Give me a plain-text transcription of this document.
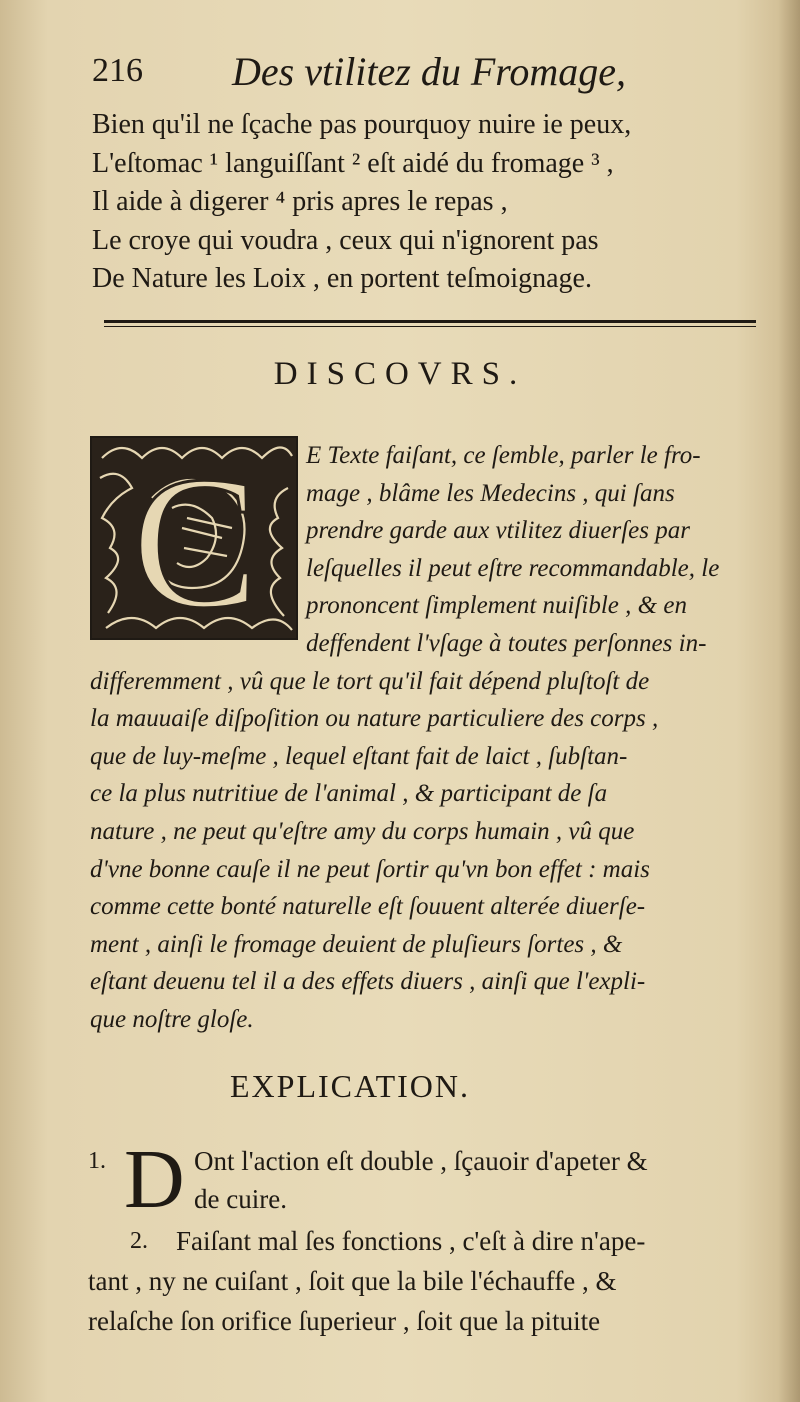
216 Des vtilitez du Fromage,
Bien qu'il ne ſçache pas pourquoy nuire ie peux,
L'eſtomac ¹ languiſſant ² eſt aidé du fromage ³ ,
Il aide à digerer ⁴ pris apres le repas ,
Le croye qui voudra , ceux qui n'ignorent pas
De Nature les Loix , en portent teſmoignage.
DISCOVRS.
C E Texte faiſant, ce ſemble, parler le fro-
mage , blâme les Medecins , qui ſans
prendre garde aux vtilitez diuerſes par
leſquelles il peut eſtre recommandable, le
prononcent ſimplement nuiſible , & en
deffendent l'vſage à toutes perſonnes in-
differemment , vû que le tort qu'il fait dépend pluſtoſt de
la mauuaiſe diſpoſition ou nature particuliere des corps ,
que de luy-meſme , lequel eſtant fait de laict , ſubſtan-
ce la plus nutritiue de l'animal , & participant de ſa
nature , ne peut qu'eſtre amy du corps humain , vû que
d'vne bonne cauſe il ne peut ſortir qu'vn bon effet : mais
comme cette bonté naturelle eſt ſouuent alterée diuerſe-
ment , ainſi le fromage deuient de pluſieurs ſortes , &
eſtant deuenu tel il a des effets diuers , ainſi que l'expli-
que noſtre gloſe.
EXPLICATION.
1. D Ont l'action eſt double , ſçauoir d'apeter &
de cuire.
2. Faiſant mal ſes fonctions , c'eſt à dire n'ape-
tant , ny ne cuiſant , ſoit que la bile l'échauffe , &
relaſche ſon orifice ſuperieur , ſoit que la pituite
